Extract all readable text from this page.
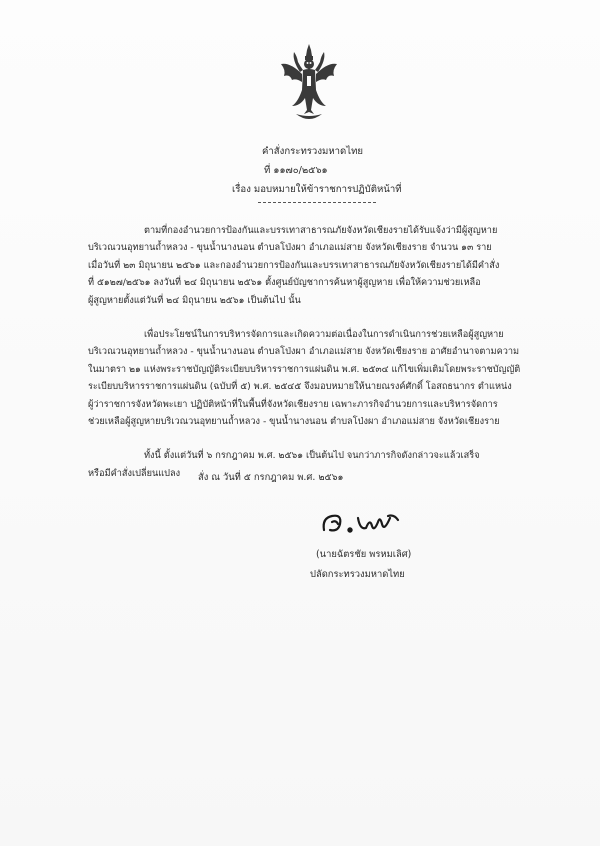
คำสั่งกระทรวงมหาดไทย
ที่ ๑๑๗๐/๒๕๖๑
เรื่อง มอบหมายให้ข้าราชการปฏิบัติหน้าที่
ตามที่กองอำนวยการป้องกันและบรรเทาสาธารณภัยจังหวัดเชียงรายได้รับแจ้งว่ามีผู้สูญหาย
บริเวณวนอุทยานถ้ำหลวง - ขุนน้ำนางนอน ตำบลโป่งผา อำเภอแม่สาย จังหวัดเชียงราย จำนวน ๑๓ ราย
เมื่อวันที่ ๒๓ มิถุนายน ๒๕๖๑ และกองอำนวยการป้องกันและบรรเทาสาธารณภัยจังหวัดเชียงรายได้มีคำสั่ง
ที่ ๕๑๒๗/๒๕๖๑ ลงวันที่ ๒๔ มิถุนายน ๒๕๖๑ ตั้งศูนย์บัญชาการค้นหาผู้สูญหาย เพื่อให้ความช่วยเหลือ
ผู้สูญหายตั้งแต่วันที่ ๒๔ มิถุนายน ๒๕๖๑ เป็นต้นไป นั้น
เพื่อประโยชน์ในการบริหารจัดการและเกิดความต่อเนื่องในการดำเนินการช่วยเหลือผู้สูญหาย
บริเวณวนอุทยานถ้ำหลวง - ขุนน้ำนางนอน ตำบลโป่งผา อำเภอแม่สาย จังหวัดเชียงราย อาศัยอำนาจตามความ
ในมาตรา ๒๑ แห่งพระราชบัญญัติระเบียบบริหารราชการแผ่นดิน พ.ศ. ๒๕๓๔ แก้ไขเพิ่มเติมโดยพระราชบัญญัติ
ระเบียบบริหารราชการแผ่นดิน (ฉบับที่ ๕) พ.ศ. ๒๕๔๕ จึงมอบหมายให้นายณรงค์ศักดิ์ โอสถธนากร ตำแหน่ง
ผู้ว่าราชการจังหวัดพะเยา ปฏิบัติหน้าที่ในพื้นที่จังหวัดเชียงราย เฉพาะภารกิจอำนวยการและบริหารจัดการ
ช่วยเหลือผู้สูญหายบริเวณวนอุทยานถ้ำหลวง - ขุนน้ำนางนอน ตำบลโป่งผา อำเภอแม่สาย จังหวัดเชียงราย
ทั้งนี้ ตั้งแต่วันที่ ๖ กรกฎาคม พ.ศ. ๒๕๖๑ เป็นต้นไป จนกว่าภารกิจดังกล่าวจะแล้วเสร็จ
หรือมีคำสั่งเปลี่ยนแปลง	สั่ง ณ วันที่ ๕ กรกฎาคม พ.ศ. ๒๕๖๑
(นายฉัตรชัย พรหมเลิศ)
ปลัดกระทรวงมหาดไทย
